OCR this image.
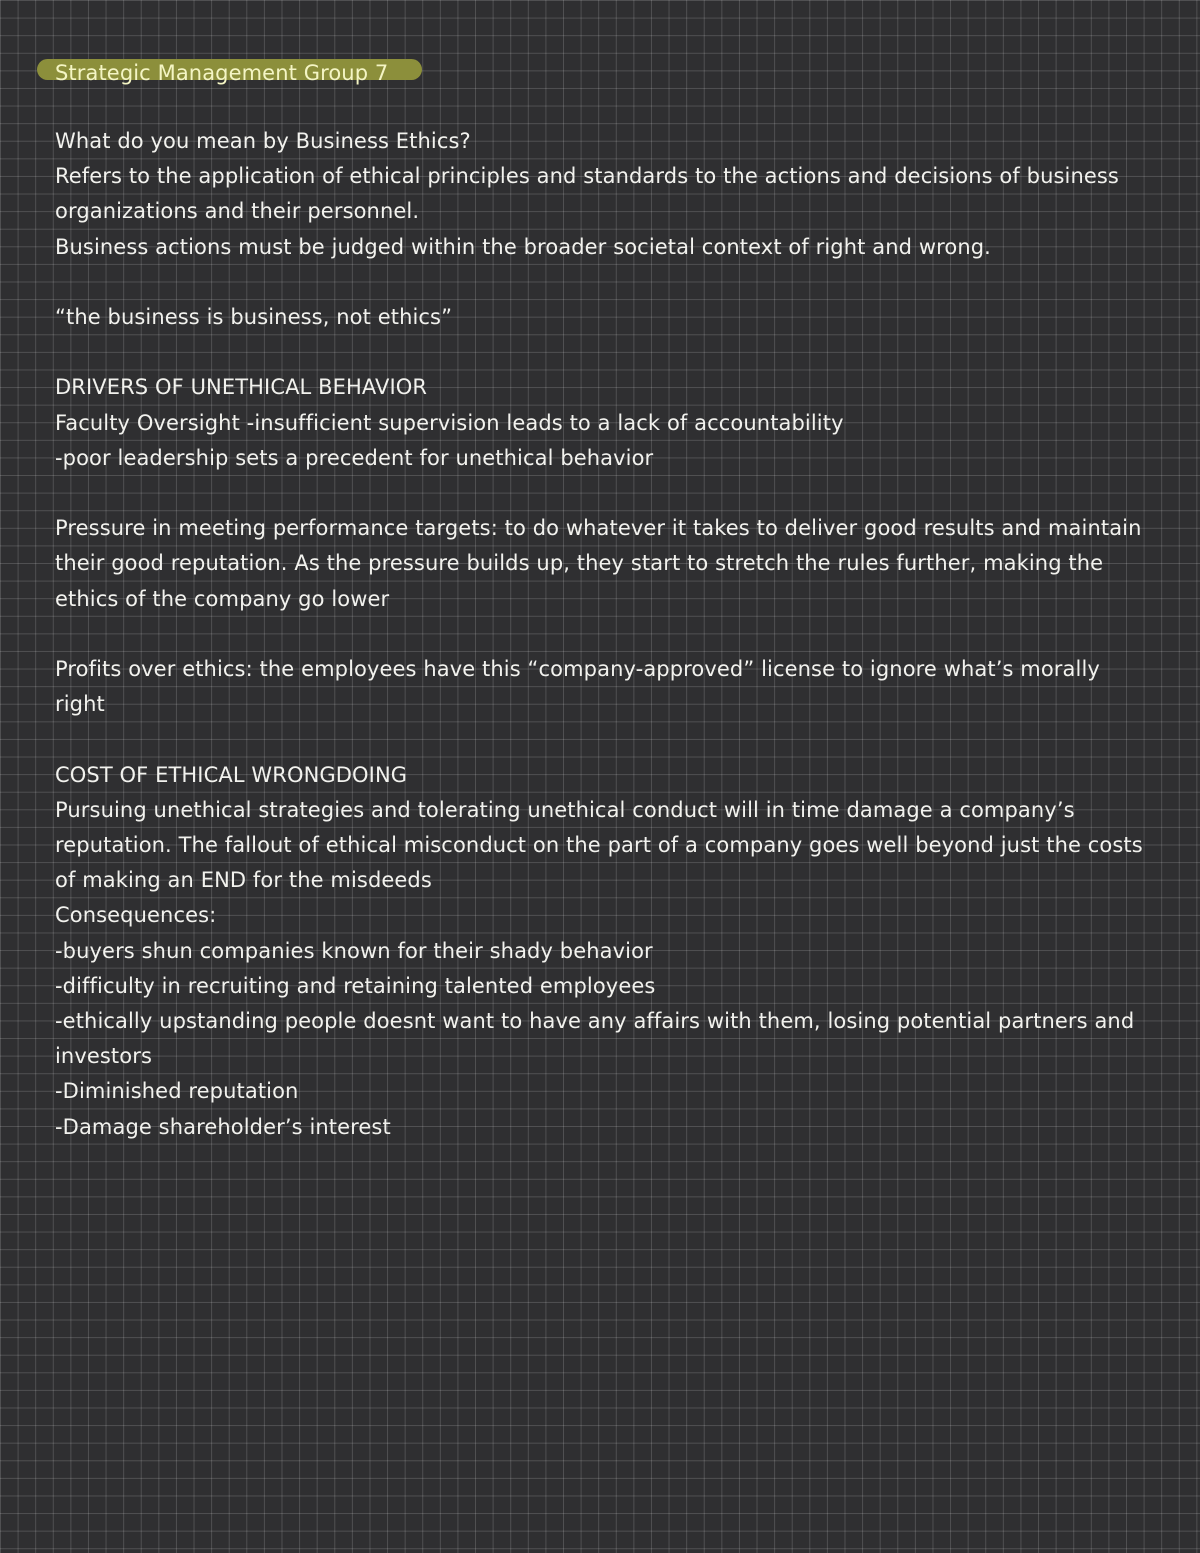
Strategic Management Group 7
What do you mean by Business Ethics?
Refers to the application of ethical principles and standards to the actions and decisions of business organizations and their personnel.
Business actions must be judged within the broader societal context of right and wrong.
“the business is business, not ethics”
DRIVERS OF UNETHICAL BEHAVIOR
Faculty Oversight -insufficient supervision leads to a lack of accountability
-poor leadership sets a precedent for unethical behavior
Pressure in meeting performance targets: to do whatever it takes to deliver good results and maintain their good reputation. As the pressure builds up, they start to stretch the rules further, making the ethics of the company go lower
Profits over ethics: the employees have this “company-approved” license to ignore what’s morally right
COST OF ETHICAL WRONGDOING
Pursuing unethical strategies and tolerating unethical conduct will in time damage a company’s reputation. The fallout of ethical misconduct on the part of a company goes well beyond just the costs of making an END for the misdeeds
Consequences:
-buyers shun companies known for their shady behavior
-difficulty in recruiting and retaining talented employees
-ethically upstanding people doesnt want to have any affairs with them, losing potential partners and investors
-Diminished reputation
-Damage shareholder’s interest
